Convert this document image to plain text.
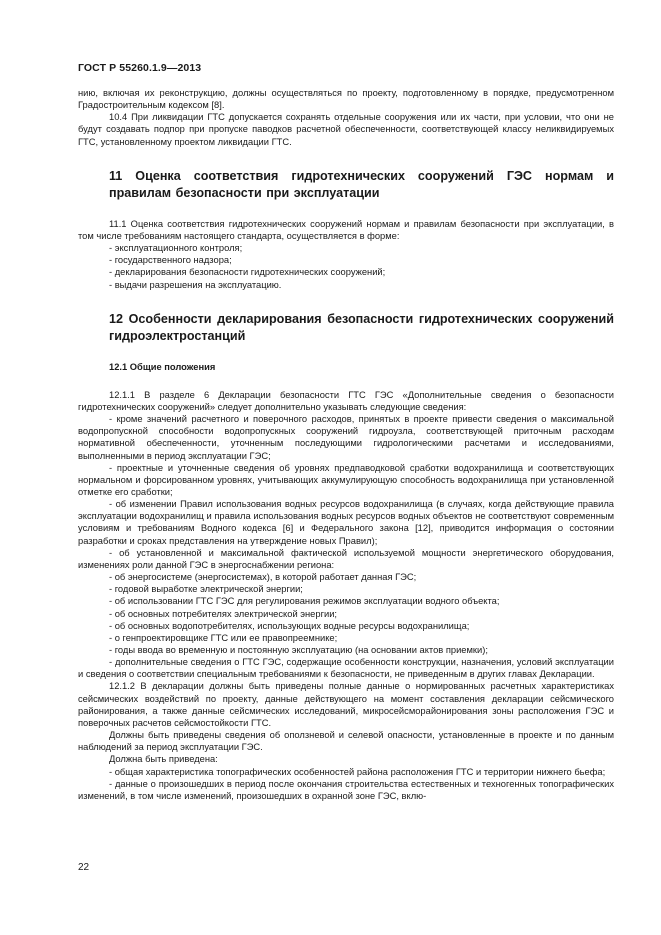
ГОСТ Р 55260.1.9—2013

нию, включая их реконструкцию, должны осуществляться по проекту, подготовленному в порядке, предусмотренном Градостроительным кодексом [8].

10.4 При ликвидации ГТС допускается сохранять отдельные сооружения или их части, при условии, что они не будут создавать подпор при пропуске паводков расчетной обеспеченности, соответствующей классу неликвидируемых ГТС, установленному проектом ликвидации ГТС.

11 Оценка соответствия гидротехнических сооружений ГЭС нормам и правилам безопасности при эксплуатации

11.1 Оценка соответствия гидротехнических сооружений нормам и правилам безопасности при эксплуатации, в том числе требованиям настоящего стандарта, осуществляется в форме:

- эксплуатационного контроля;

- государственного надзора;

- декларирования безопасности гидротехнических сооружений;

- выдачи разрешения на эксплуатацию.

12 Особенности декларирования безопасности гидротехнических сооружений гидроэлектростанций

12.1 Общие положения

12.1.1 В разделе 6 Декларации безопасности ГТС ГЭС «Дополнительные сведения о безопасности гидротехнических сооружений» следует дополнительно указывать следующие сведения:

- кроме значений расчетного и поверочного расходов, принятых в проекте привести сведения о максимальной водопропускной способности водопропускных сооружений гидроузла, соответствующей приточным расходам нормативной обеспеченности, уточненным последующими гидрологическими расчетами и исследованиями, выполненными в период эксплуатации ГЭС;

- проектные и уточненные сведения об уровнях предпаводковой сработки водохранилища и соответствующих нормальном и форсированном уровнях, учитывающих аккумулирующую способность водохранилища при установленной отметке его сработки;

- об изменении Правил использования водных ресурсов водохранилища (в случаях, когда действующие правила эксплуатации водохранилищ и правила использования водных ресурсов водных объектов не соответствуют современным условиям и требованиям Водного кодекса [6] и Федерального закона [12], приводится информация о состоянии разработки и сроках представления на утверждение новых Правил);

- об установленной и максимальной фактической используемой мощности энергетического оборудования, изменениях роли данной ГЭС в энергоснабжении региона:

- об энергосистеме (энергосистемах), в которой работает данная ГЭС;

- годовой выработке электрической энергии;

- об использовании ГТС ГЭС для регулирования режимов эксплуатации водного объекта;

- об основных потребителях электрической энергии;

- об основных водопотребителях, использующих водные ресурсы водохранилища;

- о генпроектировщике ГТС или ее правопреемнике;

- годы ввода во временную и постоянную эксплуатацию (на основании актов приемки);

- дополнительные сведения о ГТС ГЭС, содержащие особенности конструкции, назначения, условий эксплуатации и сведения о соответствии специальным требованиями к безопасности, не приведенным в других главах Декларации.

12.1.2 В декларации должны быть приведены полные данные о нормированных расчетных характеристиках сейсмических воздействий по проекту, данные действующего на момент составления декларации сейсмического районирования, а также данные сейсмических исследований, микросейсморайонирования зоны расположения ГЭС и поверочных расчетов сейсмостойкости ГТС.

Должны быть приведены сведения об оползневой и селевой опасности, установленные в проекте и по данным наблюдений за период эксплуатации ГЭС.

Должна быть приведена:

- общая характеристика топографических особенностей района расположения ГТС и территории нижнего бьефа;

- данные о произошедших в период после окончания строительства естественных и техногенных топографических изменений, в том числе изменений, произошедших в охранной зоне ГЭС, вклю-

22
